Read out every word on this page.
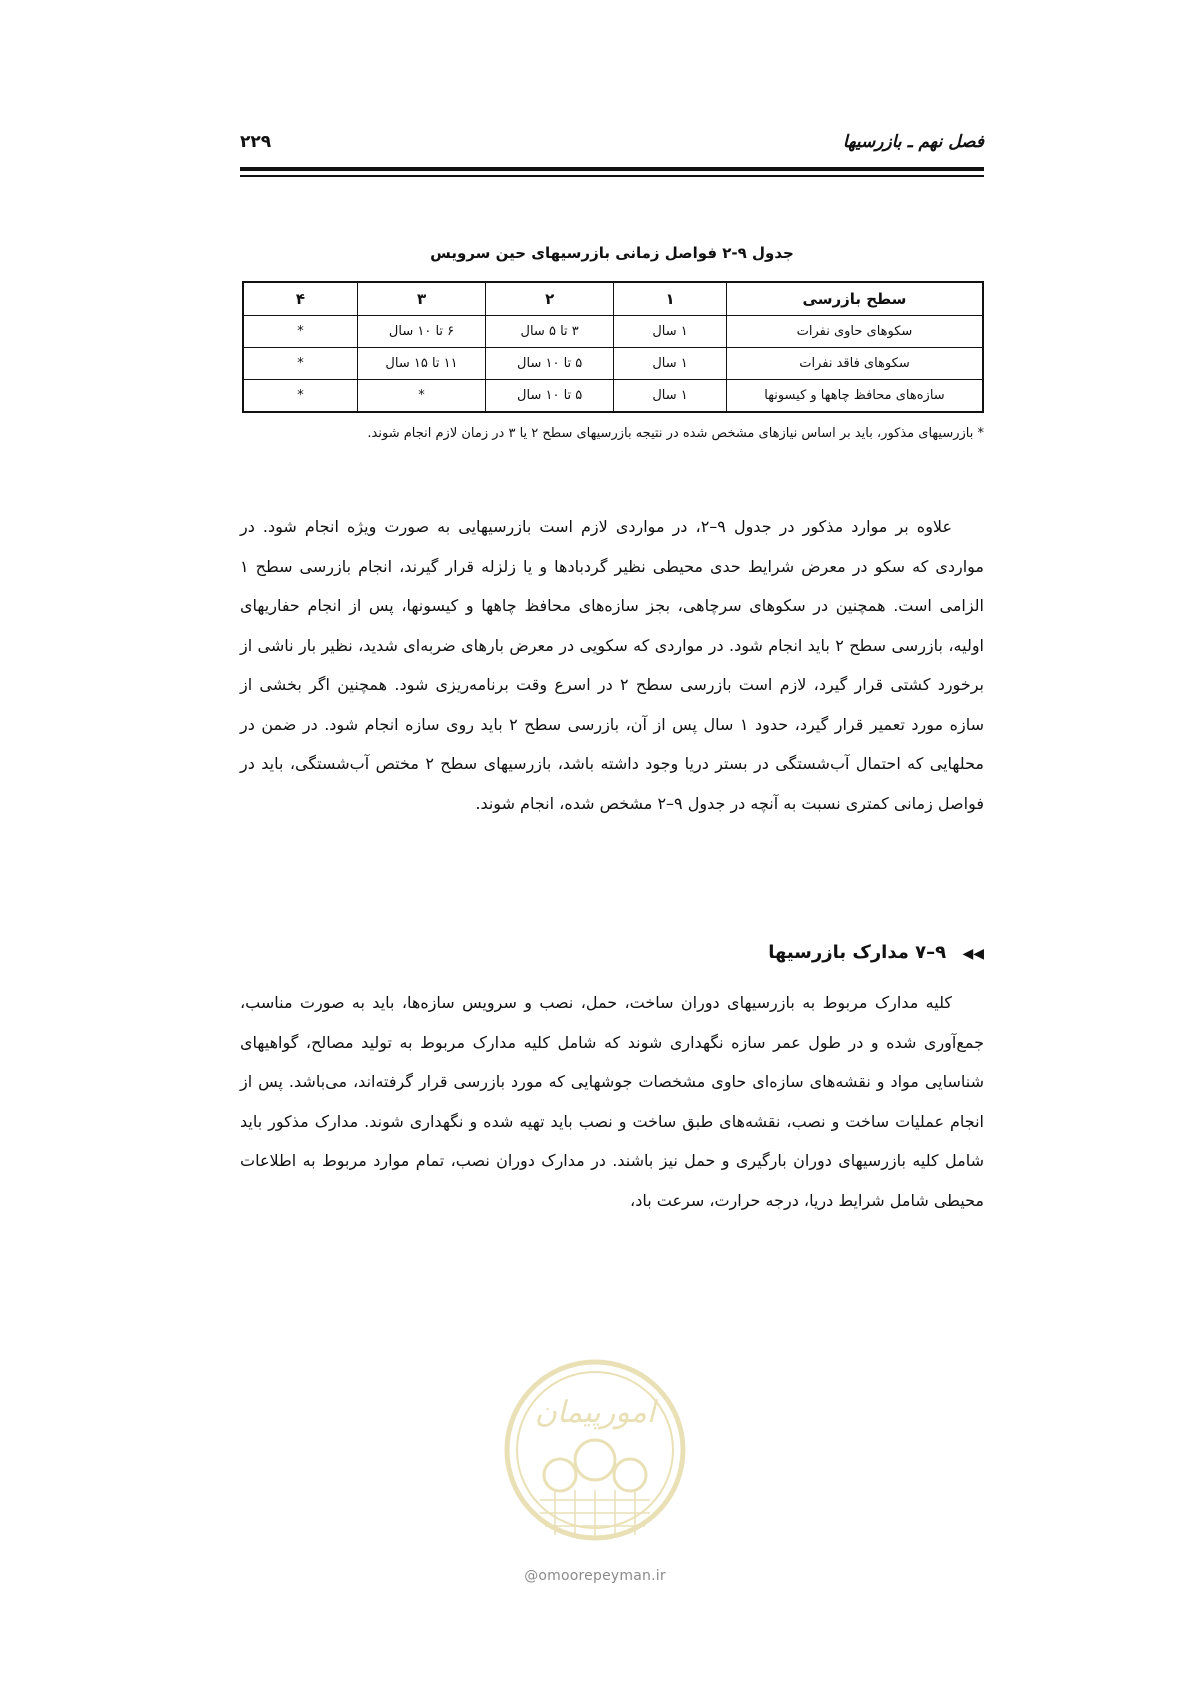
فصل نهم ـ بازرسیها
۲۲۹
جدول ۹-۲ فواصل زمانی بازرسیهای حین سرویس
سطح بازرسی	۱	۲	۳	۴
سکوهای حاوی نفرات	۱ سال	۳ تا ۵ سال	۶ تا ۱۰ سال	*
سکوهای فاقد نفرات	۱ سال	۵ تا ۱۰ سال	۱۱ تا ۱۵ سال	*
سازه‌های محافظ چاهها و کیسونها	۱ سال	۵ تا ۱۰ سال	*	*
* بازرسیهای مذکور، باید بر اساس نیازهای مشخص شده در نتیجه بازرسیهای سطح ۲ یا ۳ در زمان لازم انجام شوند.

علاوه بر موارد مذکور در جدول ۹–۲، در مواردی لازم است بازرسیهایی به صورت ویژه انجام شود. در مواردی که سکو در معرض شرایط حدی محیطی نظیر گردبادها و یا زلزله قرار گیرند، انجام بازرسی سطح ۱ الزامی است. همچنین در سکوهای سرچاهی، بجز سازه‌های محافظ چاهها و کیسونها، پس از انجام حفاریهای اولیه، بازرسی سطح ۲ باید انجام شود. در مواردی که سکویی در معرض بارهای ضربه‌ای شدید، نظیر بار ناشی از برخورد کشتی قرار گیرد، لازم است بازرسی سطح ۲ در اسرع وقت برنامه‌ریزی شود. همچنین اگر بخشی از سازه مورد تعمیر قرار گیرد، حدود ۱ سال پس از آن، بازرسی سطح ۲ باید روی سازه انجام شود. در ضمن در محلهایی که احتمال آب‌شستگی در بستر دریا وجود داشته باشد، بازرسیهای سطح ۲ مختص آب‌شستگی، باید در فواصل زمانی کمتری نسبت به آنچه در جدول ۹–۲ مشخص شده، انجام شوند.

◀◀ ۹–۷ مدارک بازرسیها

کلیه مدارک مربوط به بازرسیهای دوران ساخت، حمل، نصب و سرویس سازه‌ها، باید به صورت مناسب، جمع‌آوری شده و در طول عمر سازه نگهداری شوند که شامل کلیه مدارک مربوط به تولید مصالح، گواهیهای شناسایی مواد و نقشه‌های سازه‌ای حاوی مشخصات جوشهایی که مورد بازرسی قرار گرفته‌اند، می‌باشد. پس از انجام عملیات ساخت و نصب، نقشه‌های طبق ساخت و نصب باید تهیه شده و نگهداری شوند. مدارک مذکور باید شامل کلیه بازرسیهای دوران بارگیری و حمل نیز باشند. در مدارک دوران نصب، تمام موارد مربوط به اطلاعات محیطی شامل شرایط دریا، درجه حرارت، سرعت باد،

امورپیمان
@omoorepeyman.ir
